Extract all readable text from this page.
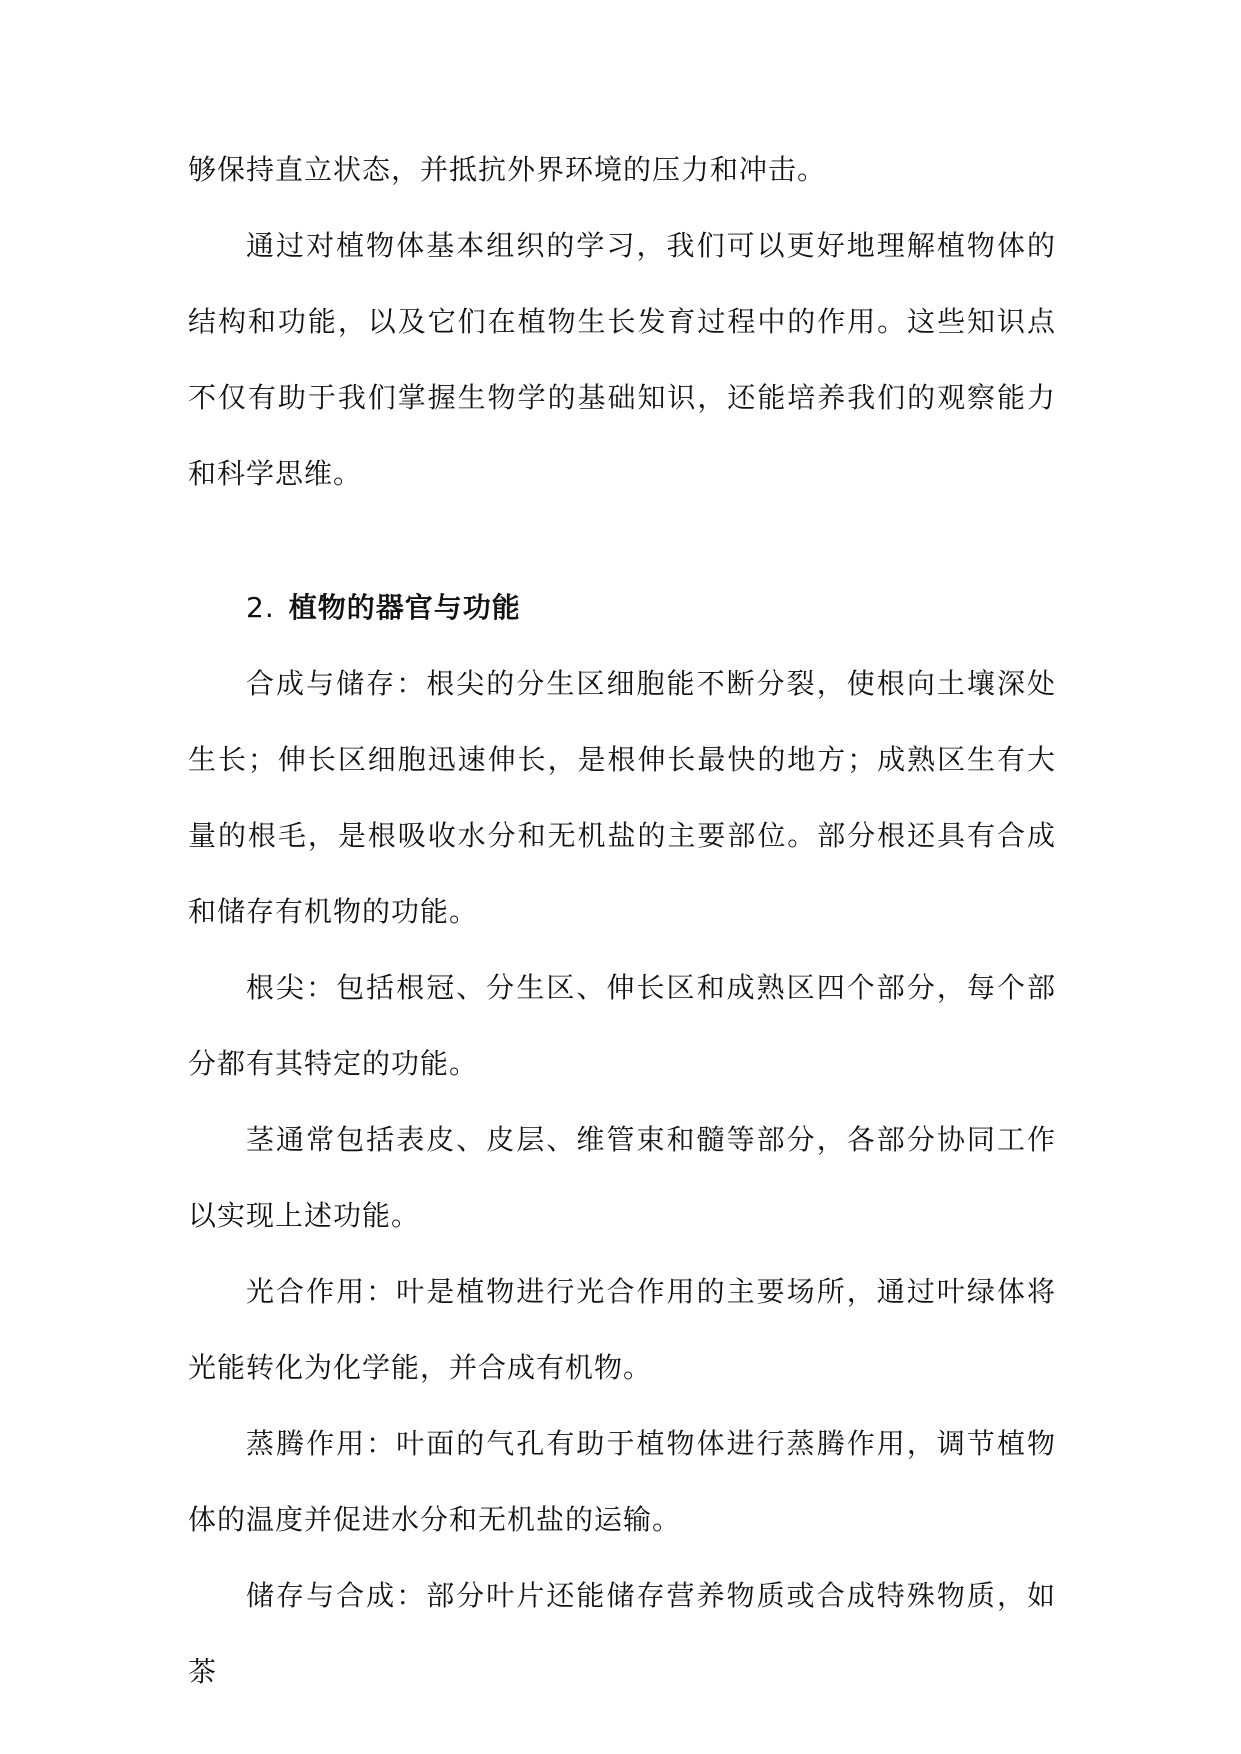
够保持直立状态，并抵抗外界环境的压力和冲击。

通过对植物体基本组织的学习，我们可以更好地理解植物体的结构和功能，以及它们在植物生长发育过程中的作用。这些知识点不仅有助于我们掌握生物学的基础知识，还能培养我们的观察能力和科学思维。

2. 植物的器官与功能

合成与储存：根尖的分生区细胞能不断分裂，使根向土壤深处生长；伸长区细胞迅速伸长，是根伸长最快的地方；成熟区生有大量的根毛，是根吸收水分和无机盐的主要部位。部分根还具有合成和储存有机物的功能。

根尖：包括根冠、分生区、伸长区和成熟区四个部分，每个部分都有其特定的功能。

茎通常包括表皮、皮层、维管束和髓等部分，各部分协同工作以实现上述功能。

光合作用：叶是植物进行光合作用的主要场所，通过叶绿体将光能转化为化学能，并合成有机物。

蒸腾作用：叶面的气孔有助于植物体进行蒸腾作用，调节植物体的温度并促进水分和无机盐的运输。

储存与合成：部分叶片还能储存营养物质或合成特殊物质，如茶
